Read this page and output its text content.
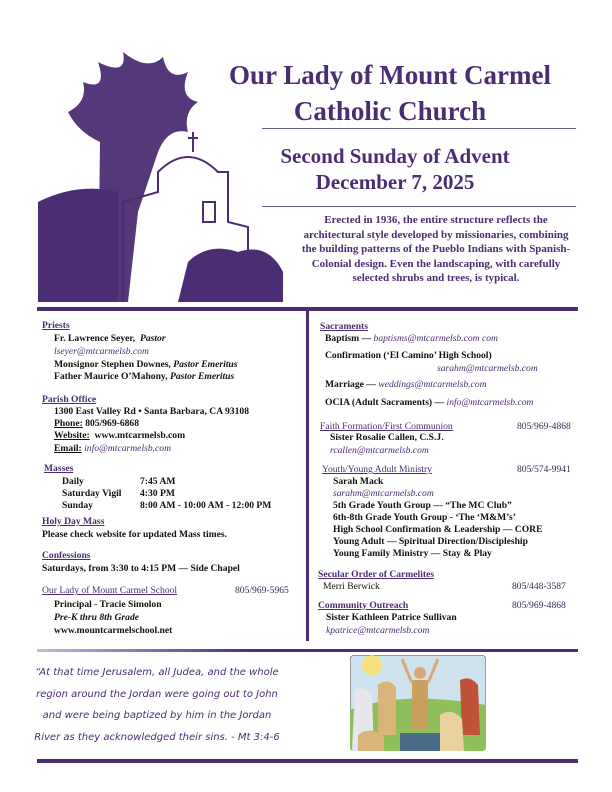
Our Lady of Mount Carmel
Catholic Church
Second Sunday of Advent
December 7, 2025
Erected in 1936, the entire structure reflects the architectural style developed by missionaries, combining the building patterns of the Pueblo Indians with Spanish-Colonial design. Even the landscaping, with carefully selected shrubs and trees, is typical.
Priests
Fr. Lawrence Seyer, Pastor
lseyer@mtcarmelsb.com
Monsignor Stephen Downes, Pastor Emeritus
Father Maurice O’Mahony, Pastor Emeritus
Parish Office
1300 East Valley Rd • Santa Barbara, CA 93108
Phone: 805/969-6868
Website: www.mtcarmelsb.com
Email: info@mtcarmelsb.com
Masses
Daily	7:45 AM
Saturday Vigil 4:30 PM
Sunday	8:00 AM - 10:00 AM - 12:00 PM
Holy Day Mass
Please check website for updated Mass times.
Confessions
Saturdays, from 3:30 to 4:15 PM — Side Chapel
Our Lady of Mount Carmel School	805/969-5965
Principal - Tracie Simolon
Pre-K thru 8th Grade
www.mountcarmelschool.net
Sacraments
Baptism — baptisms@mtcarmelsb.com com
Confirmation (‘El Camino’ High School)
sarahm@mtcarmelsb.com
Marriage — weddings@mtcarmelsb.com
OCIA (Adult Sacraments) — info@mtcarmelsb.com
Faith Formation/First Communion	805/969-4868
Sister Rosalie Callen, C.S.J.
rcallen@mtcarmelsb.com
Youth/Young Adult Ministry	805/574-9941
Sarah Mack
sarahm@mtcarmelsb.com
5th Grade Youth Group — “The MC Club”
6th-8th Grade Youth Group - ‘The ‘M&M’s’
High School Confirmation & Leadership — CORE
Young Adult — Spiritual Direction/Discipleship
Young Family Ministry — Stay & Play
Secular Order of Carmelites
Merri Berwick	805/448-3587
Community Outreach	805/969-4868
Sister Kathleen Patrice Sullivan
kpatrice@mtcarmelsb.com
“At that time Jerusalem, all Judea, and the whole region around the Jordan were going out to John and were being baptized by him in the Jordan River as they acknowledged their sins. - Mt 3:4-6
